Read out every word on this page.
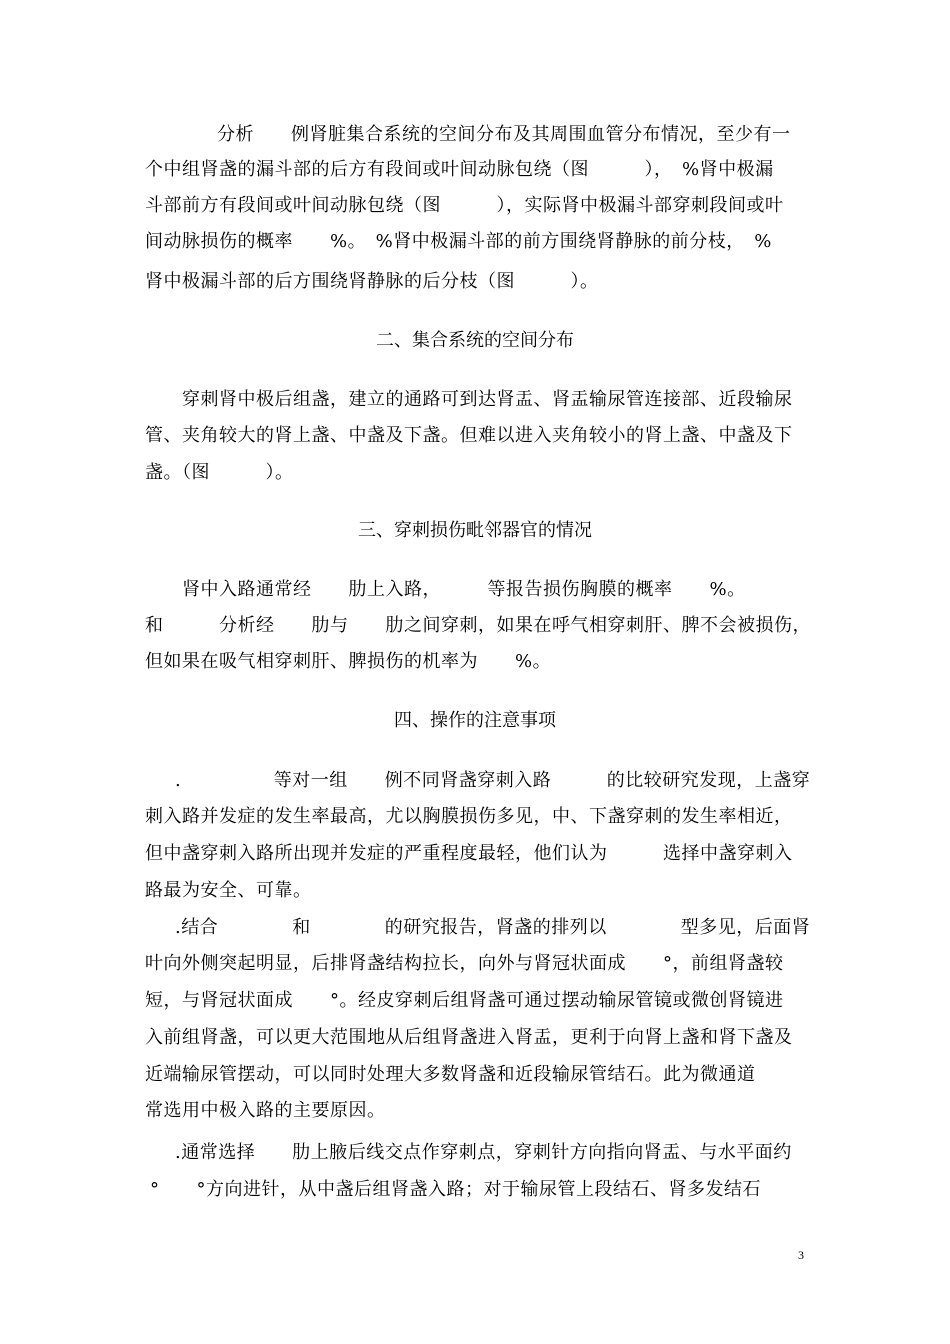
分析　　例肾脏集合系统的空间分布及其周围血管分布情况，至少有一
个中组肾盏的漏斗部的后方有段间或叶间动脉包绕（图　　　），　%肾中极漏
斗部前方有段间或叶间动脉包绕（图　　　），实际肾中极漏斗部穿刺段间或叶
间动脉损伤的概率　　%。　%肾中极漏斗部的前方围绕肾静脉的前分枝，　%
肾中极漏斗部的后方围绕肾静脉的后分枝（图　　　）。
二、集合系统的空间分布
穿刺肾中极后组盏，建立的通路可到达肾盂、肾盂输尿管连接部、近段输尿
管、夹角较大的肾上盏、中盏及下盏。但难以进入夹角较小的肾上盏、中盏及下
盏。（图　　　）。
三、穿刺损伤毗邻器官的情况
肾中入路通常经　　肋上入路，　　　等报告损伤胸膜的概率　　%。
和　　　分析经　　肋与　　肋之间穿刺，如果在呼气相穿刺肝、脾不会被损伤，
但如果在吸气相穿刺肝、脾损伤的机率为　　%。
四、操作的注意事项
.　　　　　等对一组　　例不同肾盏穿刺入路　　　的比较研究发现，上盏穿
刺入路并发症的发生率最高，尤以胸膜损伤多见，中、下盏穿刺的发生率相近，
但中盏穿刺入路所出现并发症的严重程度最轻，他们认为　　　选择中盏穿刺入
路最为安全、可靠。
.结合　　　　和　　　　的研究报告，肾盏的排列以　　　　型多见，后面肾
叶向外侧突起明显，后排肾盏结构拉长，向外与肾冠状面成　　°，前组肾盏较
短，与肾冠状面成　　°。经皮穿刺后组肾盏可通过摆动输尿管镜或微创肾镜进
入前组肾盏，可以更大范围地从后组肾盏进入肾盂，更利于向肾上盏和肾下盏及
近端输尿管摆动，可以同时处理大多数肾盏和近段输尿管结石。此为微通道
常选用中极入路的主要原因。
.通常选择　　肋上腋后线交点作穿刺点，穿刺针方向指向肾盂、与水平面约
°　　°方向进针，从中盏后组肾盏入路；对于输尿管上段结石、肾多发结石
3
